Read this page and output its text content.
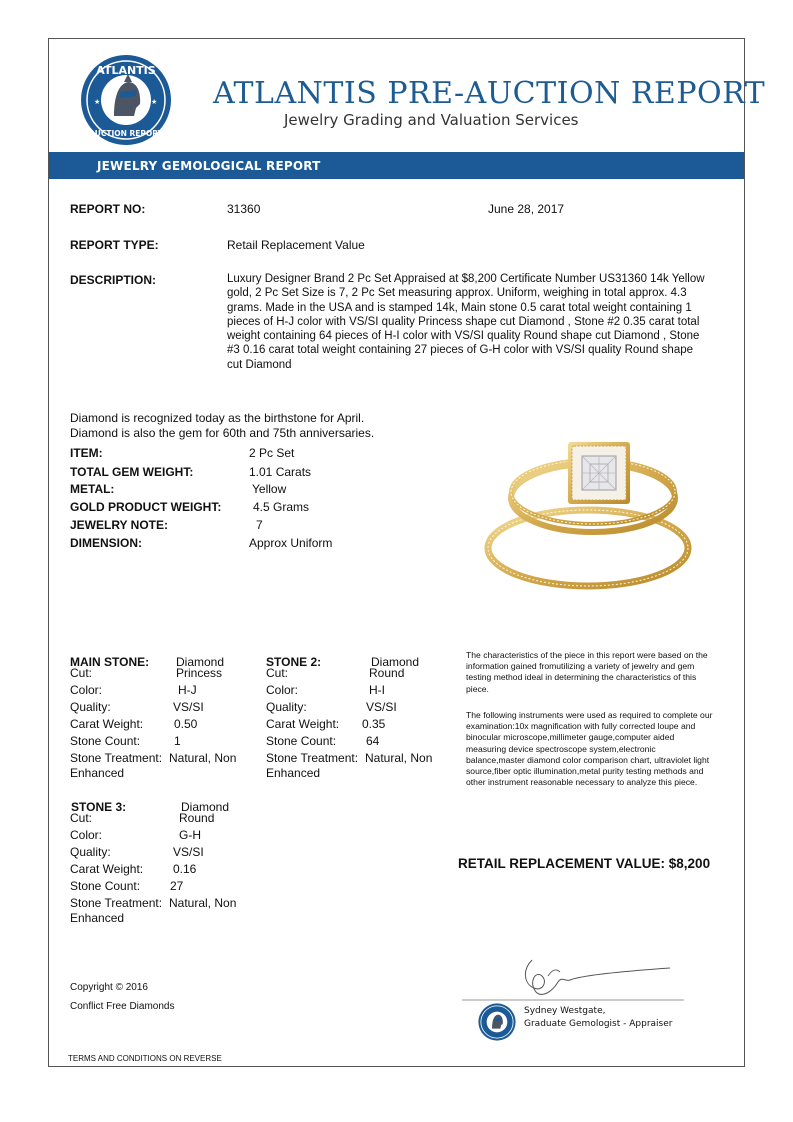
ATLANTIS
AUCTION REPORT
★	★ ATLANTIS PRE-AUCTION REPORT
Jewelry Grading and Valuation Services
JEWELRY GEMOLOGICAL REPORT
REPORT NO:	31360	June 28, 2017
REPORT TYPE:	Retail Replacement Value
DESCRIPTION:	Luxury Designer Brand 2 Pc Set Appraised at $8,200 Certificate Number US31360 14k Yellow gold, 2 Pc Set Size is 7, 2 Pc Set measuring approx. Uniform, weighing in total approx. 4.3 grams. Made in the USA and is stamped 14k, Main stone 0.5 carat total weight containing 1 pieces of H-J color with VS/SI quality Princess shape cut Diamond , Stone #2 0.35 carat total weight containing 64 pieces of H-I color with VS/SI quality Round shape cut Diamond , Stone #3 0.16 carat total weight containing 27 pieces of G-H color with VS/SI quality Round shape cut Diamond
Diamond is recognized today as the birthstone for April.
Diamond is also the gem for 60th and 75th anniversaries.
ITEM:	2 Pc Set
TOTAL GEM WEIGHT:	1.01 Carats
METAL:	Yellow
GOLD PRODUCT WEIGHT:	4.5 Grams
JEWELRY NOTE:	7
DIMENSION:	Approx Uniform
MAIN STONE: Diamond
Cut:	Princess
Color:	H-J
Quality:	VS/SI
Carat Weight:	0.50
Stone Count:	1
Stone Treatment: Natural, Non
Enhanced
STONE 2:	Diamond
Cut:	Round
Color:	H-I
Quality:	VS/SI
Carat Weight: 0.35
Stone Count: 64
Stone Treatment: Natural, Non
Enhanced
STONE 3:	Diamond
Cut:	Round
Color:	G-H
Quality:	VS/SI
Carat Weight: 0.16
Stone Count: 27
Stone Treatment: Natural, Non
Enhanced
The characteristics of the piece in this report were based on the information gained fromutilizing a variety of jewelry and gem testing method ideal in determining the characteristics of this piece.
The following instruments were used as required to complete our examination:10x magnification with fully corrected loupe and binocular microscope,millimeter gauge,computer aided measuring device spectroscope system,electronic balance,master diamond color comparison chart, ultraviolet light source,fiber optic illumination,metal purity testing methods and other instrument reasonable necessary to analyze this piece.
RETAIL REPLACEMENT VALUE: $8,200
Sydney Westgate,
Graduate Gemologist - Appraiser
Copyright © 2016
Conflict Free Diamonds
TERMS AND CONDITIONS ON REVERSE
